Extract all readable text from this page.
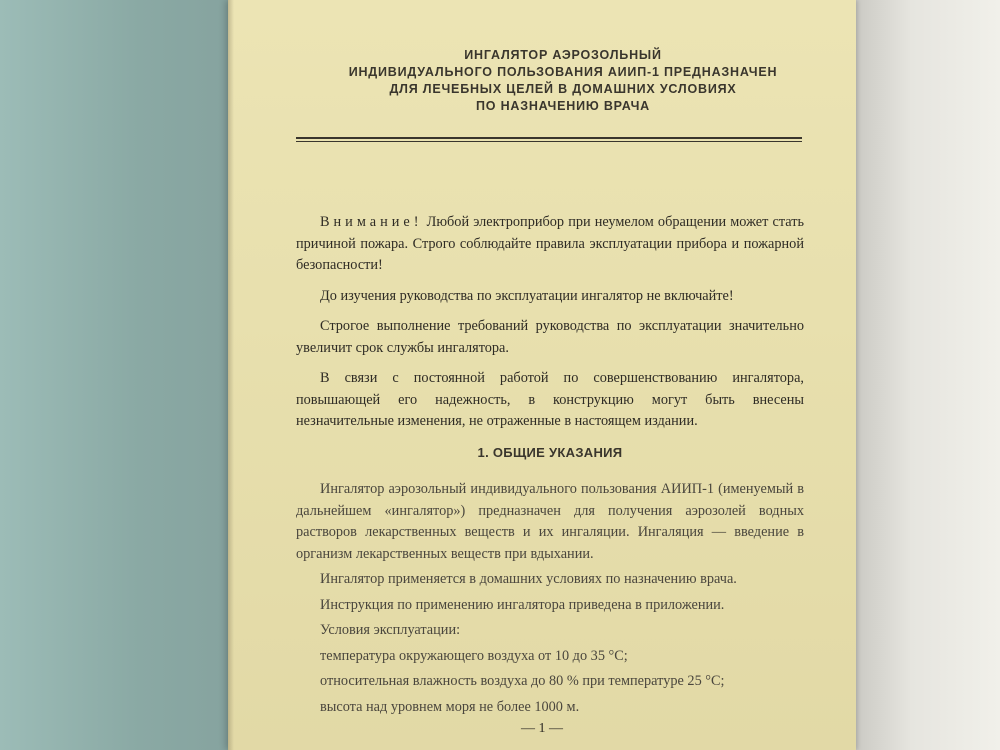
ИНГАЛЯТОР АЭРОЗОЛЬНЫЙ
ИНДИВИДУАЛЬНОГО ПОЛЬЗОВАНИЯ АИИП-1 ПРЕДНАЗНАЧЕН
ДЛЯ ЛЕЧЕБНЫХ ЦЕЛЕЙ В ДОМАШНИХ УСЛОВИЯХ
ПО НАЗНАЧЕНИЮ ВРАЧА

Внимание! Любой электроприбор при неумелом обращении может стать причиной пожара. Строго соблюдайте правила эксплуатации прибора и пожарной безопасности!

До изучения руководства по эксплуатации ингалятор не включайте!

Строгое выполнение требований руководства по эксплуатации значительно увеличит срок службы ингалятора.

В связи с постоянной работой по совершенствованию ингалятора, повышающей его надежность, в конструкцию могут быть внесены незначительные изменения, не отраженные в настоящем издании.

1. ОБЩИЕ УКАЗАНИЯ

Ингалятор аэрозольный индивидуального пользования АИИП-1 (именуемый в дальнейшем «ингалятор») предназначен для получения аэрозолей водных растворов лекарственных веществ и их ингаляции. Ингаляция — введение в организм лекарственных веществ при вдыхании.

Ингалятор применяется в домашних условиях по назначению врача.

Инструкция по применению ингалятора приведена в приложении.

Условия эксплуатации:

температура окружающего воздуха от 10 до 35 °С;

относительная влажность воздуха до 80 % при температуре 25 °С;

высота над уровнем моря не более 1000 м.

— 1 —
